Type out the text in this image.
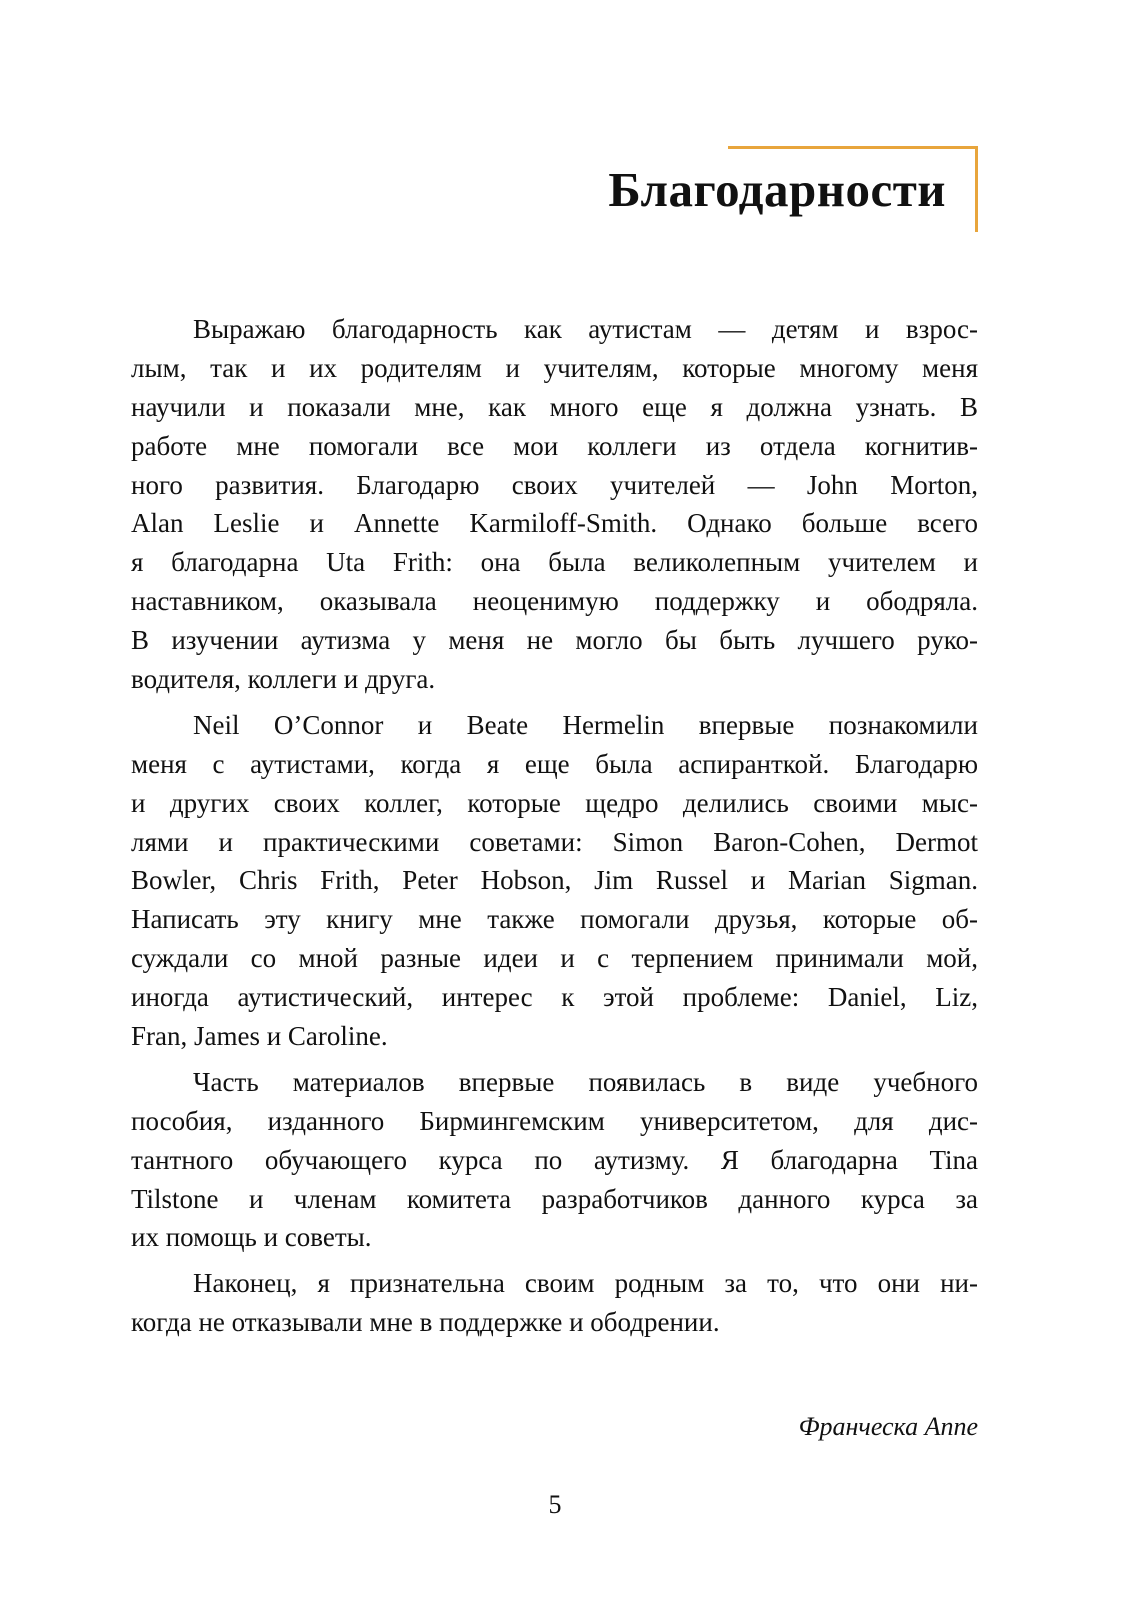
Благодарности

Выражаю благодарность как аутистам — детям и взрос-
лым, так и их родителям и учителям, которые многому меня
научили и показали мне, как много еще я должна узнать. В
работе мне помогали все мои коллеги из отдела когнитив-
ного развития. Благодарю своих учителей — John Morton,
Alan Leslie и Annette Karmiloff-Smith. Однако больше всего
я благодарна Uta Frith: она была великолепным учителем и
наставником, оказывала неоценимую поддержку и ободряла.
В изучении аутизма у меня не могло бы быть лучшего руко-
водителя, коллеги и друга.

Neil O’Connor и Beate Hermelin впервые познакомили
меня с аутистами, когда я еще была аспиранткой. Благодарю
и других своих коллег, которые щедро делились своими мыс-
лями и практическими советами: Simon Baron-Cohen, Dermot
Bowler, Chris Frith, Peter Hobson, Jim Russel и Marian Sigman.
Написать эту книгу мне также помогали друзья, которые об-
суждали со мной разные идеи и с терпением принимали мой,
иногда аутистический, интерес к этой проблеме: Daniel, Liz,
Fran, James и Caroline.

Часть материалов впервые появилась в виде учебного
пособия, изданного Бирмингемским университетом, для дис-
тантного обучающего курса по аутизму. Я благодарна Tina
Tilstone и членам комитета разработчиков данного курса за
их помощь и советы.

Наконец, я признательна своим родным за то, что они ни-
когда не отказывали мне в поддержке и ободрении.

Франческа Аппе

5
